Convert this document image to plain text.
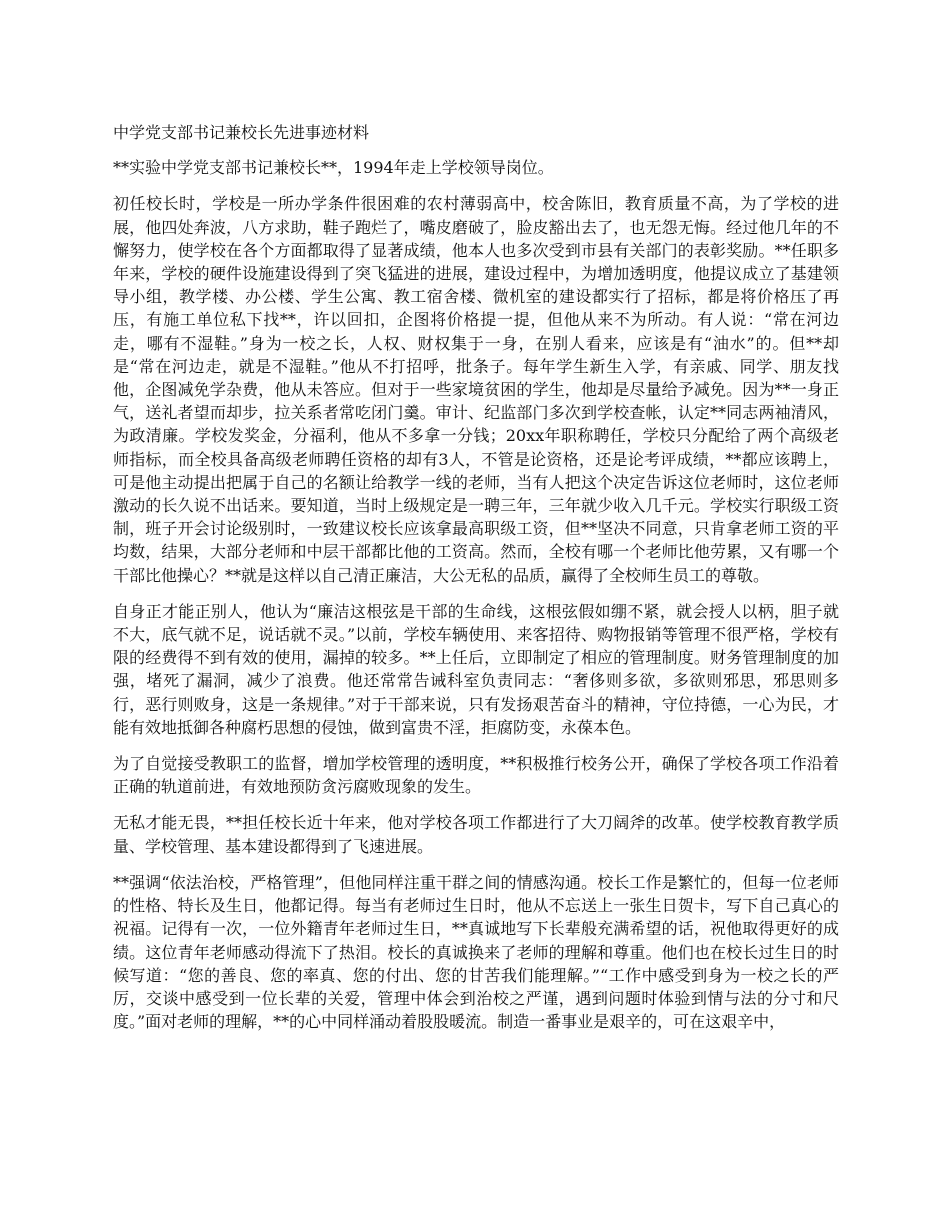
中学党支部书记兼校长先进事迹材料

**实验中学党支部书记兼校长**，1994年走上学校领导岗位。

初任校长时，学校是一所办学条件很困难的农村薄弱高中，校舍陈旧，教育质量不高，为了学校的进展，他四处奔波，八方求助，鞋子跑烂了，嘴皮磨破了，脸皮豁出去了，也无怨无悔。经过他几年的不懈努力，使学校在各个方面都取得了显著成绩，他本人也多次受到市县有关部门的表彰奖励。**任职多年来，学校的硬件设施建设得到了突飞猛进的进展，建设过程中，为增加透明度，他提议成立了基建领导小组，教学楼、办公楼、学生公寓、教工宿舍楼、微机室的建设都实行了招标，都是将价格压了再压，有施工单位私下找**，许以回扣，企图将价格提一提，但他从来不为所动。有人说：“常在河边走，哪有不湿鞋。”身为一校之长，人权、财权集于一身，在别人看来，应该是有“油水”的。但**却是“常在河边走，就是不湿鞋。”他从不打招呼，批条子。每年学生新生入学，有亲戚、同学、朋友找他，企图减免学杂费，他从未答应。但对于一些家境贫困的学生，他却是尽量给予减免。因为**一身正气，送礼者望而却步，拉关系者常吃闭门羹。审计、纪监部门多次到学校查帐，认定**同志两袖清风，为政清廉。学校发奖金，分福利，他从不多拿一分钱；20xx年职称聘任，学校只分配给了两个高级老师指标，而全校具备高级老师聘任资格的却有3人，不管是论资格，还是论考评成绩，**都应该聘上，可是他主动提出把属于自己的名额让给教学一线的老师，当有人把这个决定告诉这位老师时，这位老师激动的长久说不出话来。要知道，当时上级规定是一聘三年，三年就少收入几千元。学校实行职级工资制，班子开会讨论级别时，一致建议校长应该拿最高职级工资，但**坚决不同意，只肯拿老师工资的平均数，结果，大部分老师和中层干部都比他的工资高。然而，全校有哪一个老师比他劳累，又有哪一个干部比他操心？**就是这样以自己清正廉洁，大公无私的品质，赢得了全校师生员工的尊敬。

自身正才能正别人，他认为“廉洁这根弦是干部的生命线，这根弦假如绷不紧，就会授人以柄，胆子就不大，底气就不足，说话就不灵。”以前，学校车辆使用、来客招待、购物报销等管理不很严格，学校有限的经费得不到有效的使用，漏掉的较多。**上任后，立即制定了相应的管理制度。财务管理制度的加强，堵死了漏洞，减少了浪费。他还常常告诫科室负责同志：“奢侈则多欲，多欲则邪思，邪思则多行，恶行则败身，这是一条规律。”对于干部来说，只有发扬艰苦奋斗的精神，守位持德，一心为民，才能有效地抵御各种腐朽思想的侵蚀，做到富贵不淫，拒腐防变，永葆本色。

为了自觉接受教职工的监督，增加学校管理的透明度，**积极推行校务公开，确保了学校各项工作沿着正确的轨道前进，有效地预防贪污腐败现象的发生。

无私才能无畏，**担任校长近十年来，他对学校各项工作都进行了大刀阔斧的改革。使学校教育教学质量、学校管理、基本建设都得到了飞速进展。

**强调“依法治校，严格管理”，但他同样注重干群之间的情感沟通。校长工作是繁忙的，但每一位老师的性格、特长及生日，他都记得。每当有老师过生日时，他从不忘送上一张生日贺卡，写下自己真心的祝福。记得有一次，一位外籍青年老师过生日，**真诚地写下长辈般充满希望的话，祝他取得更好的成绩。这位青年老师感动得流下了热泪。校长的真诚换来了老师的理解和尊重。他们也在校长过生日的时候写道：“您的善良、您的率真、您的付出、您的甘苦我们能理解。”“工作中感受到身为一校之长的严厉，交谈中感受到一位长辈的关爱，管理中体会到治校之严谨，遇到问题时体验到情与法的分寸和尺度。”面对老师的理解，**的心中同样涌动着股股暖流。制造一番事业是艰辛的，可在这艰辛中，
